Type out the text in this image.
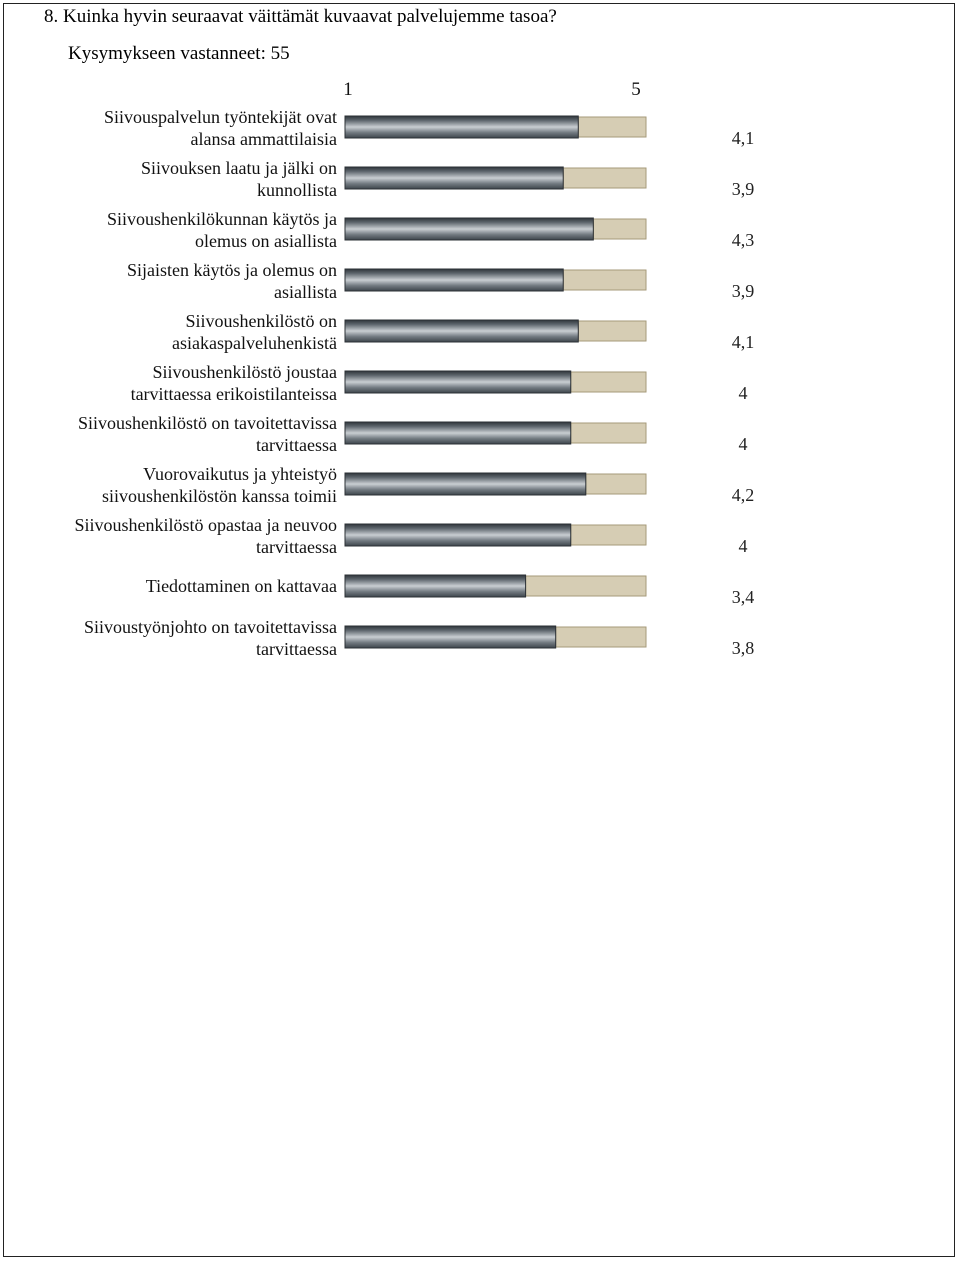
8. Kuinka hyvin seuraavat väittämät kuvaavat palvelujemme tasoa?
Kysymykseen vastanneet: 55
1	5
Siivouspalvelun työntekijät ovat
alansa ammattilaisia	4,1
Siivouksen laatu ja jälki on
kunnollista	3,9
Siivoushenkilökunnan käytös ja
olemus on asiallista	4,3
Sijaisten käytös ja olemus on
asiallista	3,9
Siivoushenkilöstö on
asiakaspalveluhenkistä	4,1
Siivoushenkilöstö joustaa
tarvittaessa erikoistilanteissa	4
Siivoushenkilöstö on tavoitettavissa
tarvittaessa	4
Vuorovaikutus ja yhteistyö
siivoushenkilöstön kanssa toimii	4,2
Siivoushenkilöstö opastaa ja neuvoo
tarvittaessa	4
Tiedottaminen on kattavaa
3,4
Siivoustyönjohto on tavoitettavissa
tarvittaessa	3,8
